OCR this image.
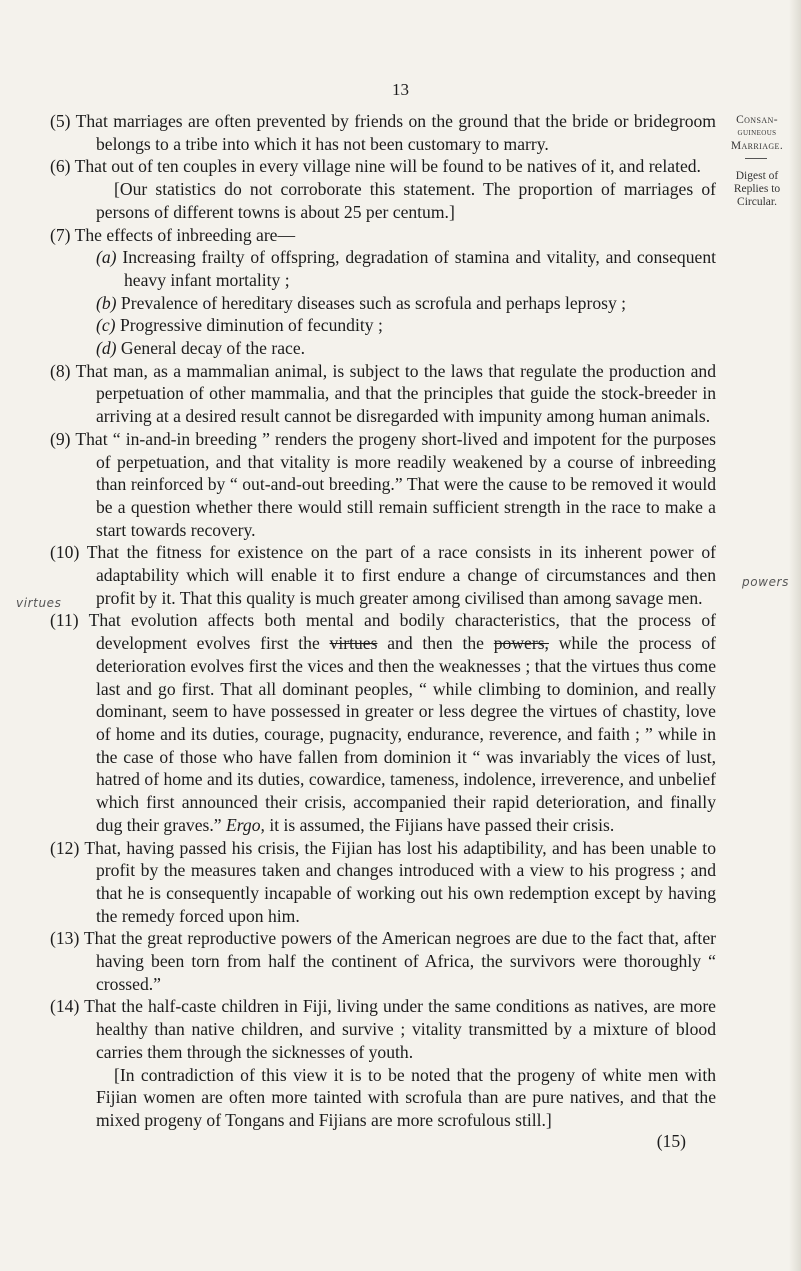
13
Consan-
guineous
Marriage.
Digest of
Replies to
Circular.
virtues
powers

(5) That marriages are often prevented by friends on the ground that the bride or bridegroom belongs to a tribe into which it has not been customary to marry.

(6) That out of ten couples in every village nine will be found to be natives of it, and related.

[Our statistics do not corroborate this statement. The proportion of marriages of persons of different towns is about 25 per centum.]

(7) The effects of inbreeding are—

(a) Increasing frailty of offspring, degradation of stamina and vitality, and consequent heavy infant mortality ;

(b) Prevalence of hereditary diseases such as scrofula and perhaps leprosy ;

(c) Progressive diminution of fecundity ;

(d) General decay of the race.

(8) That man, as a mammalian animal, is subject to the laws that regulate the production and perpetuation of other mammalia, and that the principles that guide the stock-breeder in arriving at a desired result cannot be disregarded with impunity among human animals.

(9) That “ in-and-in breeding ” renders the progeny short-lived and impotent for the purposes of perpetuation, and that vitality is more readily weakened by a course of inbreeding than reinforced by “ out-and-out breeding.” That were the cause to be removed it would be a question whether there would still remain sufficient strength in the race to make a start towards recovery.

(10) That the fitness for existence on the part of a race consists in its inherent power of adaptability which will enable it to first endure a change of circumstances and then profit by it. That this quality is much greater among civilised than among savage men.

(11) That evolution affects both mental and bodily characteristics, that the process of development evolves first the virtues and then the powers, while the process of deterioration evolves first the vices and then the weaknesses ; that the virtues thus come last and go first. That all dominant peoples, “ while climbing to dominion, and really dominant, seem to have possessed in greater or less degree the virtues of chastity, love of home and its duties, courage, pugnacity, endurance, reverence, and faith ; ” while in the case of those who have fallen from dominion it “ was invariably the vices of lust, hatred of home and its duties, cowardice, tameness, indolence, irreverence, and unbelief which first announced their crisis, accompanied their rapid deterioration, and finally dug their graves.” Ergo, it is assumed, the Fijians have passed their crisis.

(12) That, having passed his crisis, the Fijian has lost his adaptibility, and has been unable to profit by the measures taken and changes introduced with a view to his progress ; and that he is consequently incapable of working out his own redemption except by having the remedy forced upon him.

(13) That the great reproductive powers of the American negroes are due to the fact that, after having been torn from half the continent of Africa, the survivors were thoroughly “ crossed.”

(14) That the half-caste children in Fiji, living under the same conditions as natives, are more healthy than native children, and survive ; vitality transmitted by a mixture of blood carries them through the sicknesses of youth.

[In contradiction of this view it is to be noted that the progeny of white men with Fijian women are often more tainted with scrofula than are pure natives, and that the mixed progeny of Tongans and Fijians are more scrofulous still.]

(15)
